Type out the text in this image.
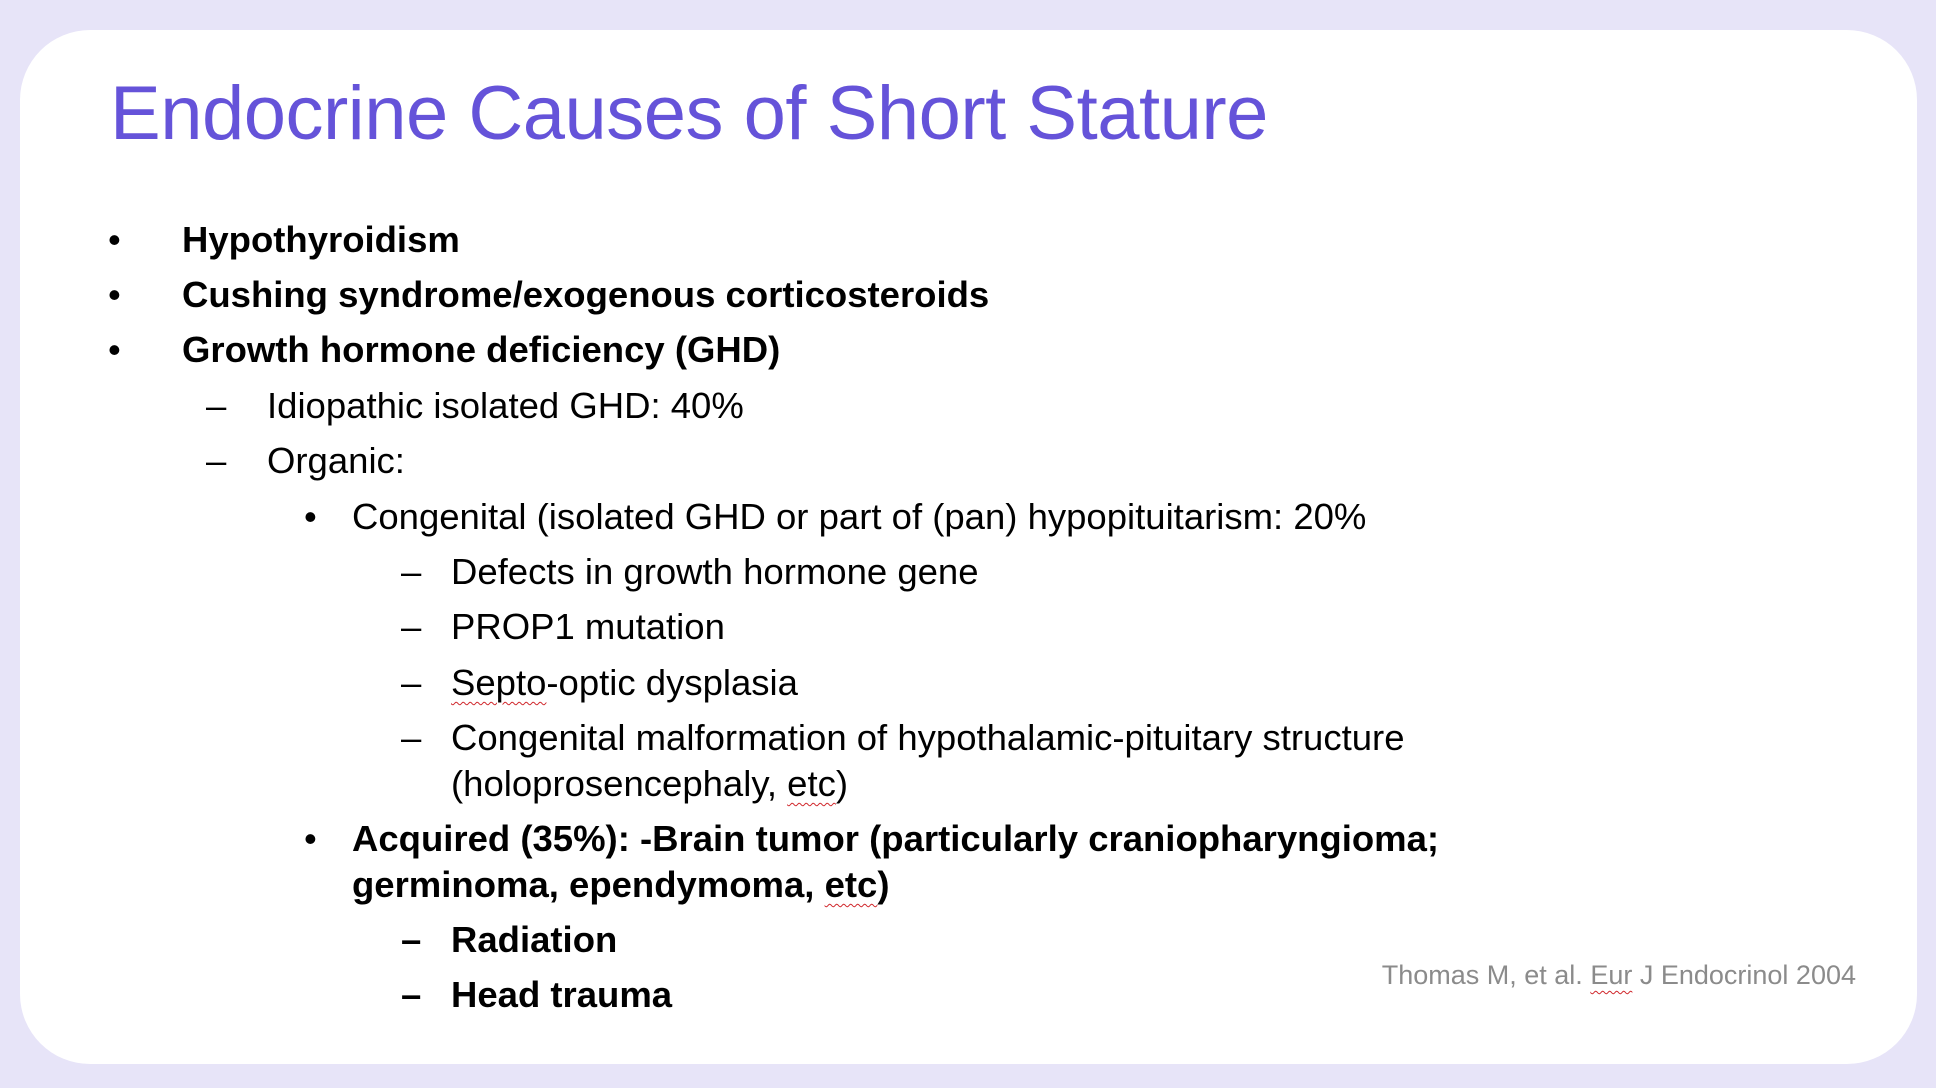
Endocrine Causes of Short Stature
• Hypothyroidism
• Cushing syndrome/exogenous corticosteroids
• Growth hormone deficiency (GHD)
– Idiopathic isolated GHD: 40%
– Organic:
• Congenital (isolated GHD or part of (pan) hypopituitarism: 20%
– Defects in growth hormone gene
– PROP1 mutation
– Septo-optic dysplasia
– Congenital malformation of hypothalamic-pituitary structure
(holoprosencephaly, etc)
• Acquired (35%): -Brain tumor (particularly craniopharyngioma;
germinoma, ependymoma, etc)
– Radiation
– Head trauma	Thomas M, et al. Eur J Endocrinol 2004
